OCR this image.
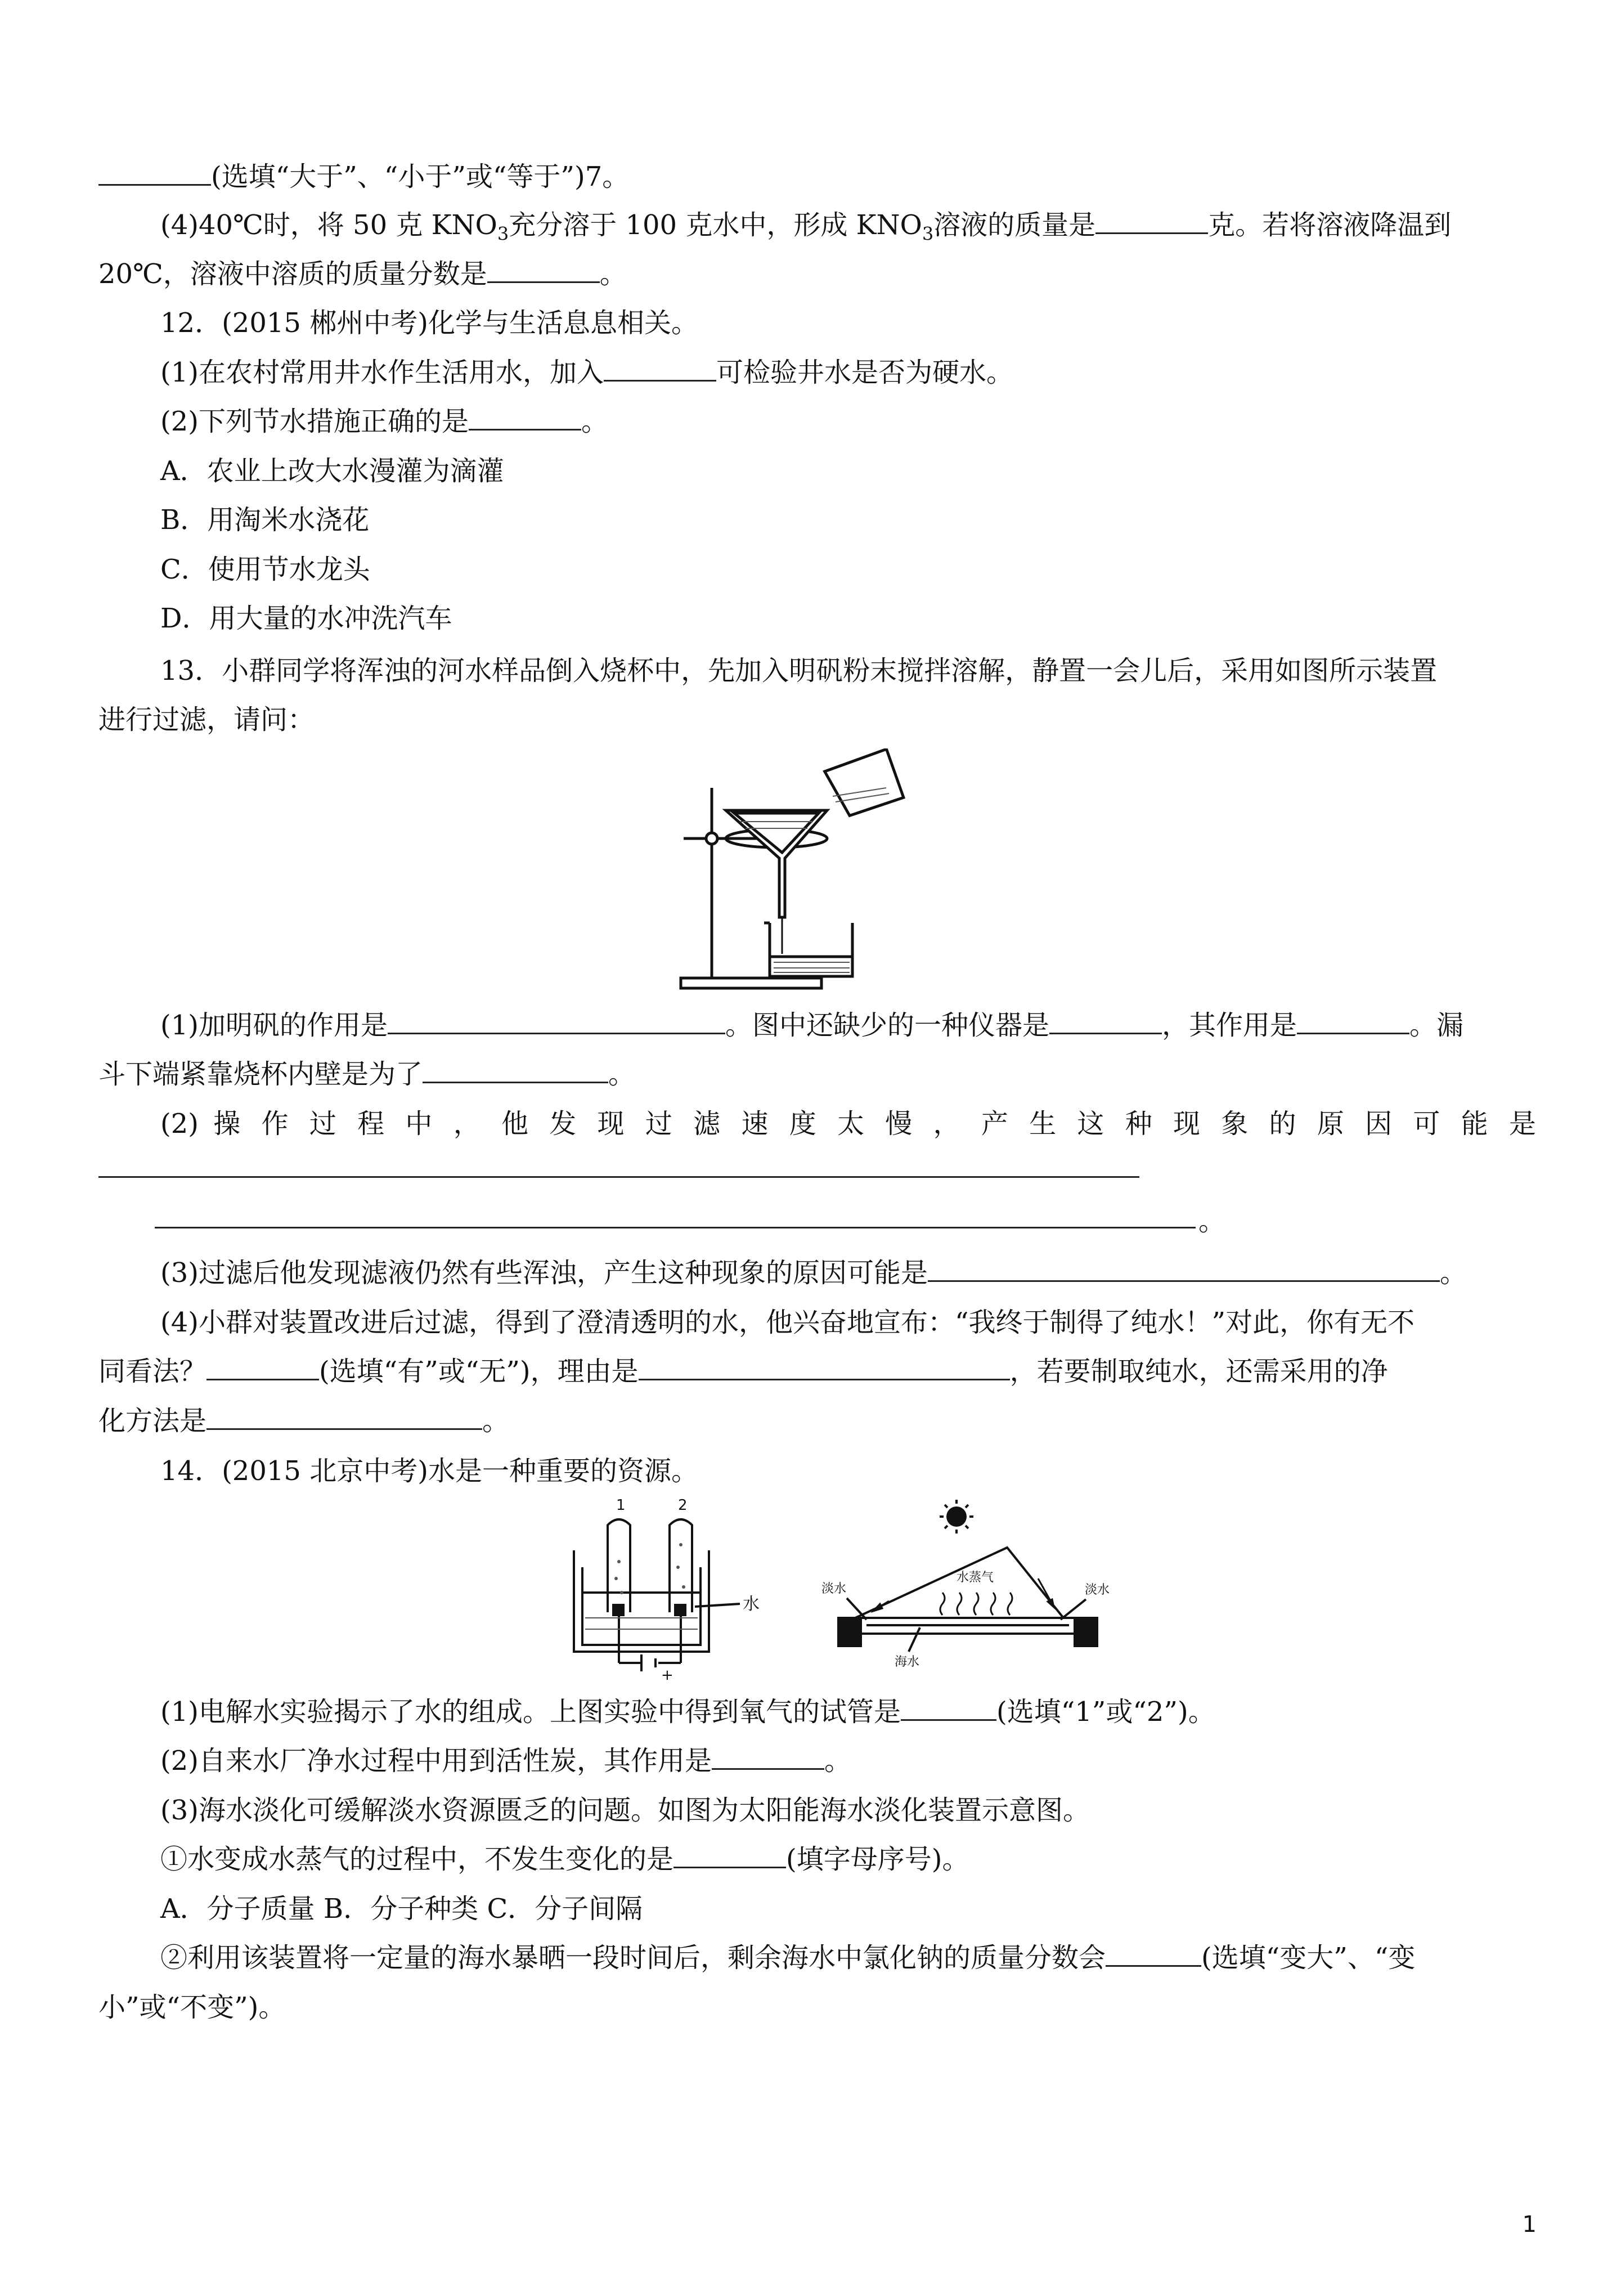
(选填“大于”、“小于”或“等于”)7。
(4)40℃时，将 50 克 $KNO_3$充分溶于 100 克水中，形成 $KNO_3$溶液的质量是	克。若将溶液降温到
20℃，溶液中溶质的质量分数是	。
12．(2015 郴州中考)化学与生活息息相关。
(1)在农村常用井水作生活用水，加入	可检验井水是否为硬水。
(2)下列节水措施正确的是	。
A．农业上改大水漫灌为滴灌
B．用淘米水浇花
C．使用节水龙头
D．用大量的水冲洗汽车
13．小群同学将浑浊的河水样品倒入烧杯中，先加入明矾粉末搅拌溶解，静置一会儿后，采用如图所示装置
进行过滤，请问：
(1)加明矾的作用是	。图中还缺少的一种仪器是	，其作用是	。漏
斗下端紧靠烧杯内壁是为了	。
(2) 操 作 过 程 中 ， 他 发 现 过 滤 速 度 太 慢 ， 产 生 这 种 现 象 的 原 因 可 能 是
。
(3)过滤后他发现滤液仍然有些浑浊，产生这种现象的原因可能是	。
(4)小群对装置改进后过滤，得到了澄清透明的水，他兴奋地宣布：“我终于制得了纯水！”对此，你有无不
同看法？	(选填“有”或“无”)，理由是	，若要制取纯水，还需采用的净
化方法是	。
14．(2015 北京中考)水是一种重要的资源。
1	2
水
+
淡水
水蒸气
淡水
海水
(1)电解水实验揭示了水的组成。上图实验中得到氧气的试管是	(选填“1”或“2”)。
(2)自来水厂净水过程中用到活性炭，其作用是	。
(3)海水淡化可缓解淡水资源匮乏的问题。如图为太阳能海水淡化装置示意图。
①水变成水蒸气的过程中，不发生变化的是	(填字母序号)。
A．分子质量 B．分子种类 C．分子间隔
②利用该装置将一定量的海水暴晒一段时间后，剩余海水中氯化钠的质量分数会	(选填“变大”、“变
小”或“不变”)。
1
